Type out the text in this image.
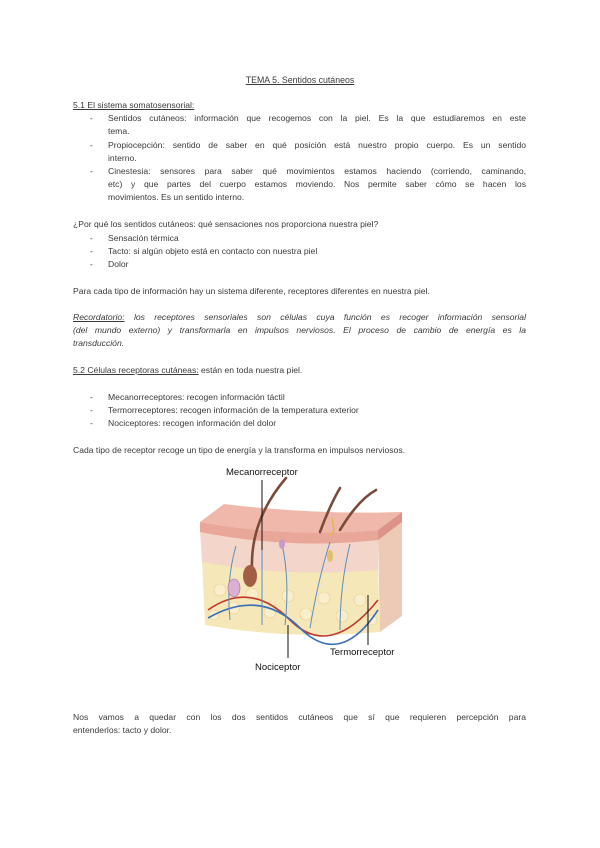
TEMA 5. Sentidos cutáneos
5.1 El sistema somatosensorial:
- Sentidos cutáneos: información que recogemos con la piel. Es la que estudiaremos en este
tema.
- Propiocepción: sentido de saber en qué posición está nuestro propio cuerpo. Es un sentido
interno.
- Cinestesia: sensores para saber qué movimientos estamos haciendo (corriendo, caminando,
etc) y que partes del cuerpo estamos moviendo. Nos permite saber cómo se hacen los
movimientos. Es un sentido interno.
¿Por qué los sentidos cutáneos: qué sensaciones nos proporciona nuestra piel?
- Sensación térmica
- Tacto: si algún objeto está en contacto con nuestra piel
- Dolor
Para cada tipo de información hay un sistema diferente, receptores diferentes en nuestra piel.
Recordatorio: los receptores sensoriales son células cuya función es recoger información sensorial
(del mundo externo) y transformarla en impulsos nerviosos. El proceso de cambio de energía es la
transducción.
5.2 Células receptoras cutáneas: están en toda nuestra piel.
- Mecanorreceptores: recogen información táctil
- Termorreceptores: recogen información de la temperatura exterior
- Nociceptores: recogen información del dolor
Cada tipo de receptor recoge un tipo de energía y la transforma en impulsos nerviosos.
Mecanorreceptor
Termorreceptor
Nociceptor
Nos vamos a quedar con los dos sentidos cutáneos que sí que requieren percepción para
entenderlos: tacto y dolor.
